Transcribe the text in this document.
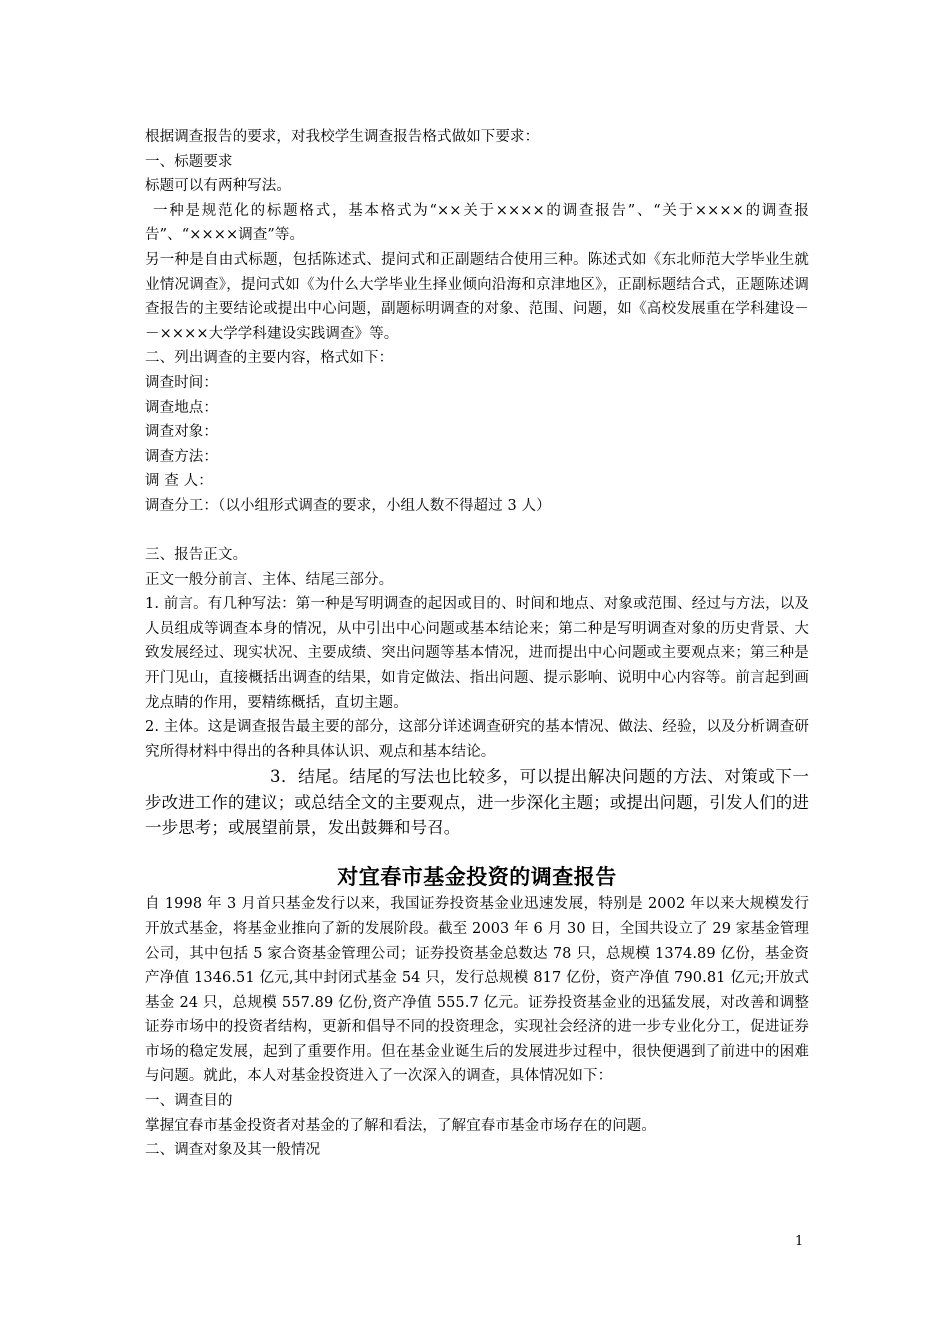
根据调查报告的要求，对我校学生调查报告格式做如下要求：

一、标题要求

标题可以有两种写法。

一种是规范化的标题格式，基本格式为“××关于××××的调查报告”、“关于××××的调查报告”、“××××调查”等。

另一种是自由式标题，包括陈述式、提问式和正副题结合使用三种。陈述式如《东北师范大学毕业生就业情况调查》，提问式如《为什么大学毕业生择业倾向沿海和京津地区》，正副标题结合式，正题陈述调查报告的主要结论或提出中心问题，副题标明调查的对象、范围、问题，如《高校发展重在学科建设－－××××大学学科建设实践调查》等。

二、列出调查的主要内容，格式如下：

调查时间：

调查地点：

调查对象：

调查方法：

调 查 人：

调查分工：（以小组形式调查的要求，小组人数不得超过 3 人）

三、报告正文。

正文一般分前言、主体、结尾三部分。

1. 前言。有几种写法：第一种是写明调查的起因或目的、时间和地点、对象或范围、经过与方法，以及人员组成等调查本身的情况，从中引出中心问题或基本结论来；第二种是写明调查对象的历史背景、大致发展经过、现实状况、主要成绩、突出问题等基本情况，进而提出中心问题或主要观点来；第三种是开门见山，直接概括出调查的结果，如肯定做法、指出问题、提示影响、说明中心内容等。前言起到画龙点睛的作用，要精练概括，直切主题。

2. 主体。这是调查报告最主要的部分，这部分详述调查研究的基本情况、做法、经验，以及分析调查研究所得材料中得出的各种具体认识、观点和基本结论。

3．结尾。结尾的写法也比较多，可以提出解决问题的方法、对策或下一步改进工作的建议；或总结全文的主要观点，进一步深化主题；或提出问题，引发人们的进一步思考；或展望前景，发出鼓舞和号召。

对宜春市基金投资的调查报告

自 1998 年 3 月首只基金发行以来，我国证券投资基金业迅速发展，特别是 2002 年以来大规模发行开放式基金，将基金业推向了新的发展阶段。截至 2003 年 6 月 30 日，全国共设立了 29 家基金管理公司，其中包括 5 家合资基金管理公司；证券投资基金总数达 78 只，总规模 1374.89 亿份，基金资产净值 1346.51 亿元,其中封闭式基金 54 只，发行总规模 817 亿份，资产净值 790.81 亿元;开放式基金 24 只，总规模 557.89 亿份,资产净值 555.7 亿元。证券投资基金业的迅猛发展，对改善和调整证券市场中的投资者结构，更新和倡导不同的投资理念，实现社会经济的进一步专业化分工，促进证券市场的稳定发展，起到了重要作用。但在基金业诞生后的发展进步过程中，很快便遇到了前进中的困难与问题。就此，本人对基金投资进入了一次深入的调查，具体情况如下：

一、调查目的

掌握宜春市基金投资者对基金的了解和看法，了解宜春市基金市场存在的问题。

二、调查对象及其一般情况

1
